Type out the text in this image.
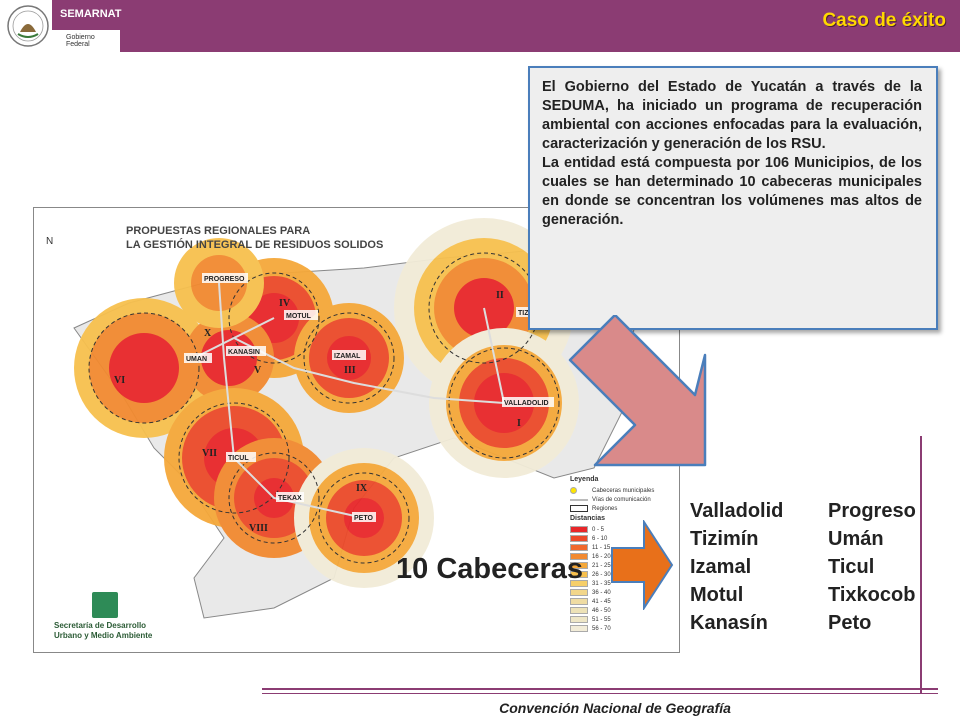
SEMARNAT
Gobierno Federal
Caso de éxito
N
PROGRESO
MOTUL
UMAN
KANASIN
IZAMAL
TIZ
VALLADOLID
TICUL
TEKAX
PETO
IV
X
II
III
V
VI
I
VII
IX
VIII
PROPUESTAS REGIONALES PARA
LA GESTIÓN INTEGRAL DE RESIDUOS SOLIDOS
Leyenda
Cabeceras municipales
Vías de comunicación
Regiones
Distancias
0 - 5
6 - 10
11 - 15
16 - 20
21 - 25
26 - 30
31 - 35
36 - 40
41 - 45
46 - 50
51 - 55
56 - 70
Secretaría de Desarrollo
Urbano y Medio Ambiente

El Gobierno del Estado de Yucatán a través de la SEDUMA, ha iniciado un programa de recuperación ambiental con acciones enfocadas para la evaluación, caracterización y generación de los RSU.

La entidad está compuesta por 106 Municipios, de los cuales se han determinado 10 cabeceras municipales en donde se concentran los volúmenes mas altos de generación.

10 Cabeceras
Valladolid
Tizimín
Izamal
Motul
Kanasín
Progreso
Umán
Ticul
Tixkocob
Peto
Convención Nacional de Geografía
